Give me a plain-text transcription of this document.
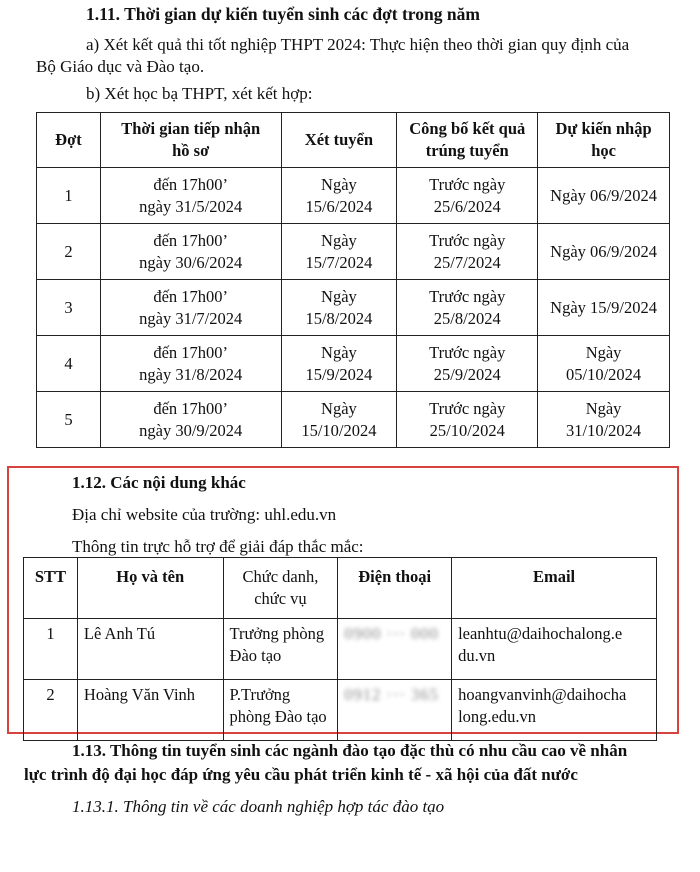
1.11. Thời gian dự kiến tuyển sinh các đợt trong năm
a) Xét kết quả thi tốt nghiệp THPT 2024: Thực hiện theo thời gian quy định của
Bộ Giáo dục và Đào tạo.
b) Xét học bạ THPT, xét kết hợp:
Đợt	Thời gian tiếp nhận
hồ sơ	Xét tuyển	Công bố kết quả
trúng tuyển	Dự kiến nhập
học
1	đến 17h00’
ngày 31/5/2024	Ngày
15/6/2024	Trước ngày
25/6/2024	Ngày 06/9/2024
2	đến 17h00’
ngày 30/6/2024	Ngày
15/7/2024	Trước ngày
25/7/2024	Ngày 06/9/2024
3	đến 17h00’
ngày 31/7/2024	Ngày
15/8/2024	Trước ngày
25/8/2024	Ngày 15/9/2024
4	đến 17h00’
ngày 31/8/2024	Ngày
15/9/2024	Trước ngày
25/9/2024	Ngày
05/10/2024
5	đến 17h00’
ngày 30/9/2024	Ngày
15/10/2024	Trước ngày
25/10/2024	Ngày
31/10/2024
1.12. Các nội dung khác
Địa chỉ website của trường: uhl.edu.vn
Thông tin trực hỗ trợ để giải đáp thắc mắc:
STT	Họ và tên	Chức danh,
chức vụ	Điện thoại	Email
1	Lê Anh Tú	Trưởng phòng
Đào tạo	0900 ··· 000	leanhtu@daihochalong.e
du.vn
2	Hoàng Văn Vinh	P.Trưởng
phòng Đào tạo	0912 ··· 365	hoangvanvinh@daihocha
long.edu.vn
1.13. Thông tin tuyển sinh các ngành đào tạo đặc thù có nhu cầu cao về nhân
lực trình độ đại học đáp ứng yêu cầu phát triển kinh tế - xã hội của đất nước
1.13.1. Thông tin về các doanh nghiệp hợp tác đào tạo
